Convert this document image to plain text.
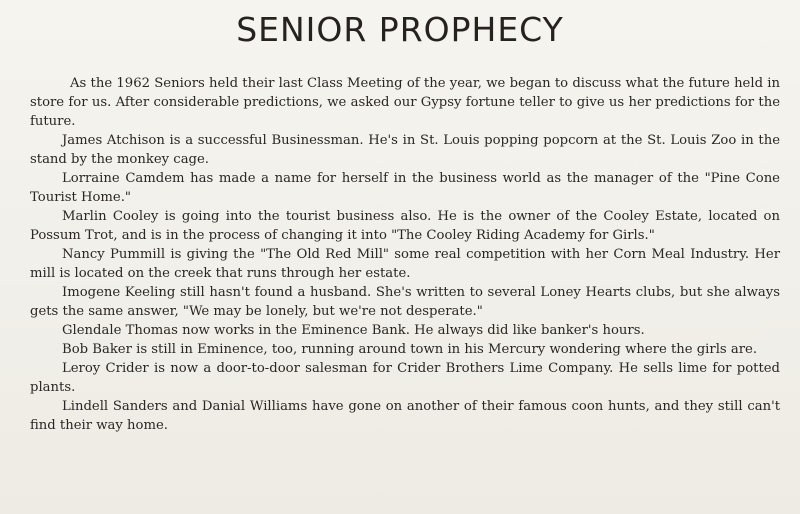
SENIOR PROPHECY

As the 1962 Seniors held their last Class Meeting of the year, we began to discuss what the future held in store for us. After considerable predictions, we asked our Gypsy fortune teller to give us her predictions for the future.

James Atchison is a successful Businessman. He's in St. Louis popping popcorn at the St. Louis Zoo in the stand by the monkey cage.

Lorraine Camdem has made a name for herself in the business world as the manager of the "Pine Cone Tourist Home."

Marlin Cooley is going into the tourist business also. He is the owner of the Cooley Estate, located on Possum Trot, and is in the process of changing it into "The Cooley Riding Academy for Girls."

Nancy Pummill is giving the "The Old Red Mill" some real competition with her Corn Meal Industry. Her mill is located on the creek that runs through her estate.

Imogene Keeling still hasn't found a husband. She's written to several Loney Hearts clubs, but she always gets the same answer, "We may be lonely, but we're not desperate."

Glendale Thomas now works in the Eminence Bank. He always did like banker's hours.

Bob Baker is still in Eminence, too, running around town in his Mercury wondering where the girls are.

Leroy Crider is now a door-to-door salesman for Crider Brothers Lime Company. He sells lime for potted plants.

Lindell Sanders and Danial Williams have gone on another of their famous coon hunts, and they still can't find their way home.
